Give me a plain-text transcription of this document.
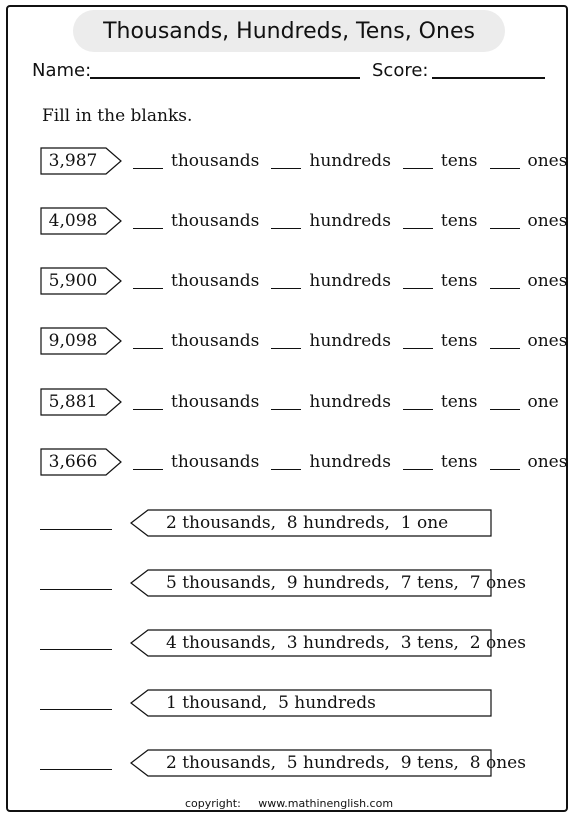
Thousands, Hundreds, Tens, Ones
Name:	Score:
Fill in the blanks.
3,987	thousands	hundreds	tens	ones
4,098	thousands	hundreds	tens	ones
5,900	thousands	hundreds	tens	ones
9,098	thousands	hundreds	tens	ones
5,881	thousands	hundreds	tens	one
3,666	thousands	hundreds	tens	ones
2 thousands,  8 hundreds,  1 one
5 thousands,  9 hundreds,  7 tens,  7 ones
4 thousands,  3 hundreds,  3 tens,  2 ones
1 thousand,  5 hundreds
2 thousands,  5 hundreds,  9 tens,  8 ones
copyright: www.mathinenglish.com
